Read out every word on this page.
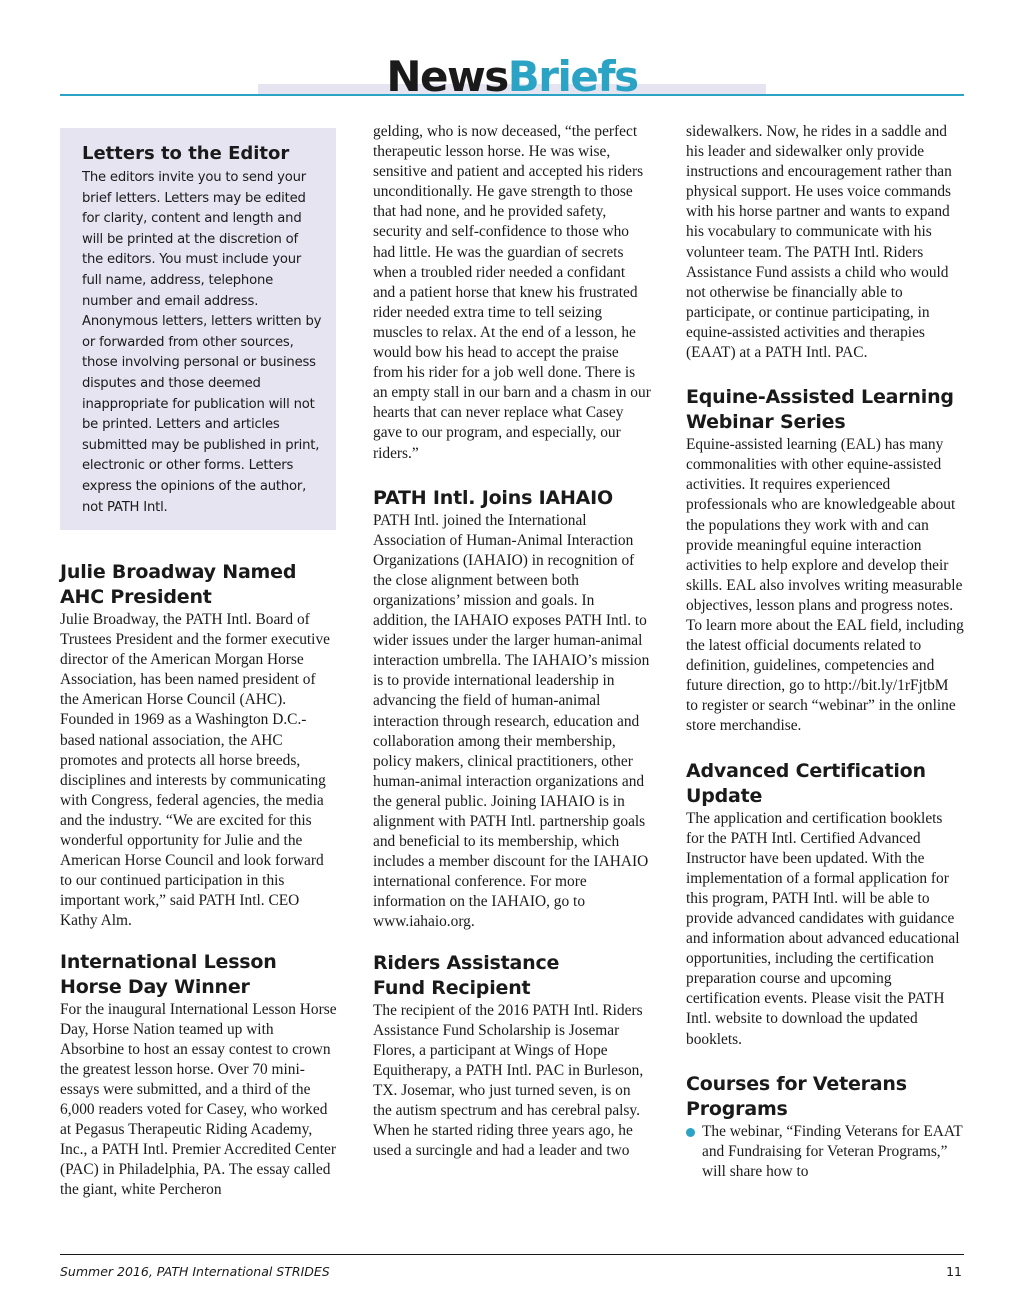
NewsBriefs
Letters to the Editor

The editors invite you to send your brief letters. Letters may be edited for clarity, content and length and will be printed at the discretion of the editors. You must include your full name, address, telephone number and email address. Anonymous letters, letters written by or forwarded from other sources, those involving personal or business disputes and those deemed inappropriate for publication will not be printed. Letters and articles submitted may be published in print, electronic or other forms. Letters express the opinions of the author, not PATH Intl.

Julie Broadway Named AHC President

Julie Broadway, the PATH Intl. Board of Trustees President and the former executive director of the American Morgan Horse Association, has been named president of the American Horse Council (AHC). Founded in 1969 as a Washington D.C.-based national association, the AHC promotes and protects all horse breeds, disciplines and interests by communicating with Congress, federal agencies, the media and the industry. “We are excited for this wonderful opportunity for Julie and the American Horse Council and look forward to our continued participation in this important work,” said PATH Intl. CEO Kathy Alm.

International Lesson Horse Day Winner

For the inaugural International Lesson Horse Day, Horse Nation teamed up with Absorbine to host an essay contest to crown the greatest lesson horse. Over 70 mini-essays were submitted, and a third of the 6,000 readers voted for Casey, who worked at Pegasus Therapeutic Riding Academy, Inc., a PATH Intl. Premier Accredited Center (PAC) in Philadelphia, PA. The essay called the giant, white Percheron

gelding, who is now deceased, “the perfect therapeutic lesson horse. He was wise, sensitive and patient and accepted his riders unconditionally. He gave strength to those that had none, and he provided safety, security and self-confidence to those who had little. He was the guardian of secrets when a troubled rider needed a confidant and a patient horse that knew his frustrated rider needed extra time to tell seizing muscles to relax. At the end of a lesson, he would bow his head to accept the praise from his rider for a job well done. There is an empty stall in our barn and a chasm in our hearts that can never replace what Casey gave to our program, and especially, our riders.”

PATH Intl. Joins IAHAIO

PATH Intl. joined the International Association of Human-Animal Interaction Organizations (IAHAIO) in recognition of the close alignment between both organizations’ mission and goals. In addition, the IAHAIO exposes PATH Intl. to wider issues under the larger human-animal interaction umbrella. The IAHAIO’s mission is to provide international leadership in advancing the field of human-animal interaction through research, education and collaboration among their membership, policy makers, clinical practitioners, other human-animal interaction organizations and the general public. Joining IAHAIO is in alignment with PATH Intl. partnership goals and beneficial to its membership, which includes a member discount for the IAHAIO international conference. For more information on the IAHAIO, go to www.iahaio.org.

Riders Assistance Fund Recipient

The recipient of the 2016 PATH Intl. Riders Assistance Fund Scholarship is Josemar Flores, a participant at Wings of Hope Equitherapy, a PATH Intl. PAC in Burleson, TX. Josemar, who just turned seven, is on the autism spectrum and has cerebral palsy. When he started riding three years ago, he used a surcingle and had a leader and two

sidewalkers. Now, he rides in a saddle and his leader and sidewalker only provide instructions and encouragement rather than physical support. He uses voice commands with his horse partner and wants to expand his vocabulary to communicate with his volunteer team. The PATH Intl. Riders Assistance Fund assists a child who would not otherwise be financially able to participate, or continue participating, in equine-assisted activities and therapies (EAAT) at a PATH Intl. PAC.

Equine-Assisted Learning Webinar Series

Equine-assisted learning (EAL) has many commonalities with other equine-assisted activities. It requires experienced professionals who are knowledgeable about the populations they work with and can provide meaningful equine interaction activities to help explore and develop their skills. EAL also involves writing measurable objectives, lesson plans and progress notes. To learn more about the EAL field, including the latest official documents related to definition, guidelines, competencies and future direction, go to http://bit.ly/1rFjtbM to register or search “webinar” in the online store merchandise.

Advanced Certification Update

The application and certification booklets for the PATH Intl. Certified Advanced Instructor have been updated. With the implementation of a formal application for this program, PATH Intl. will be able to provide advanced candidates with guidance and information about advanced educational opportunities, including the certification preparation course and upcoming certification events. Please visit the PATH Intl. website to download the updated booklets.

Courses for Veterans Programs

The webinar, “Finding Veterans for EAAT and Fundraising for Veteran Programs,” will share how to

Summer 2016, PATH International STRIDES	11
